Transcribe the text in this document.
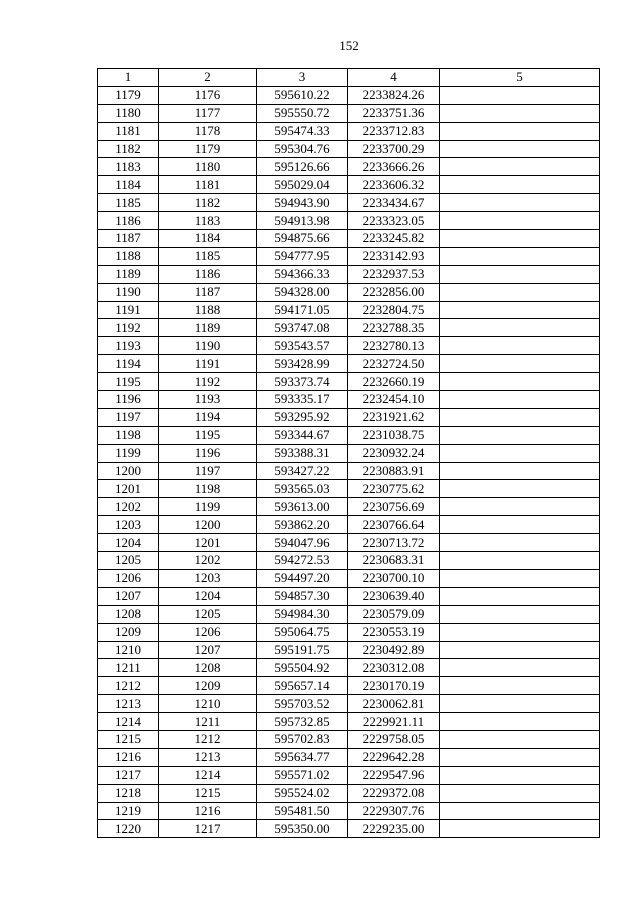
152
1	2	3	4	5
1179	1176	595610.22	2233824.26	
1180	1177	595550.72	2233751.36	
1181	1178	595474.33	2233712.83	
1182	1179	595304.76	2233700.29	
1183	1180	595126.66	2233666.26	
1184	1181	595029.04	2233606.32	
1185	1182	594943.90	2233434.67	
1186	1183	594913.98	2233323.05	
1187	1184	594875.66	2233245.82	
1188	1185	594777.95	2233142.93	
1189	1186	594366.33	2232937.53	
1190	1187	594328.00	2232856.00	
1191	1188	594171.05	2232804.75	
1192	1189	593747.08	2232788.35	
1193	1190	593543.57	2232780.13	
1194	1191	593428.99	2232724.50	
1195	1192	593373.74	2232660.19	
1196	1193	593335.17	2232454.10	
1197	1194	593295.92	2231921.62	
1198	1195	593344.67	2231038.75	
1199	1196	593388.31	2230932.24	
1200	1197	593427.22	2230883.91	
1201	1198	593565.03	2230775.62	
1202	1199	593613.00	2230756.69	
1203	1200	593862.20	2230766.64	
1204	1201	594047.96	2230713.72	
1205	1202	594272.53	2230683.31	
1206	1203	594497.20	2230700.10	
1207	1204	594857.30	2230639.40	
1208	1205	594984.30	2230579.09	
1209	1206	595064.75	2230553.19	
1210	1207	595191.75	2230492.89	
1211	1208	595504.92	2230312.08	
1212	1209	595657.14	2230170.19	
1213	1210	595703.52	2230062.81	
1214	1211	595732.85	2229921.11	
1215	1212	595702.83	2229758.05	
1216	1213	595634.77	2229642.28	
1217	1214	595571.02	2229547.96	
1218	1215	595524.02	2229372.08	
1219	1216	595481.50	2229307.76	
1220	1217	595350.00	2229235.00	
